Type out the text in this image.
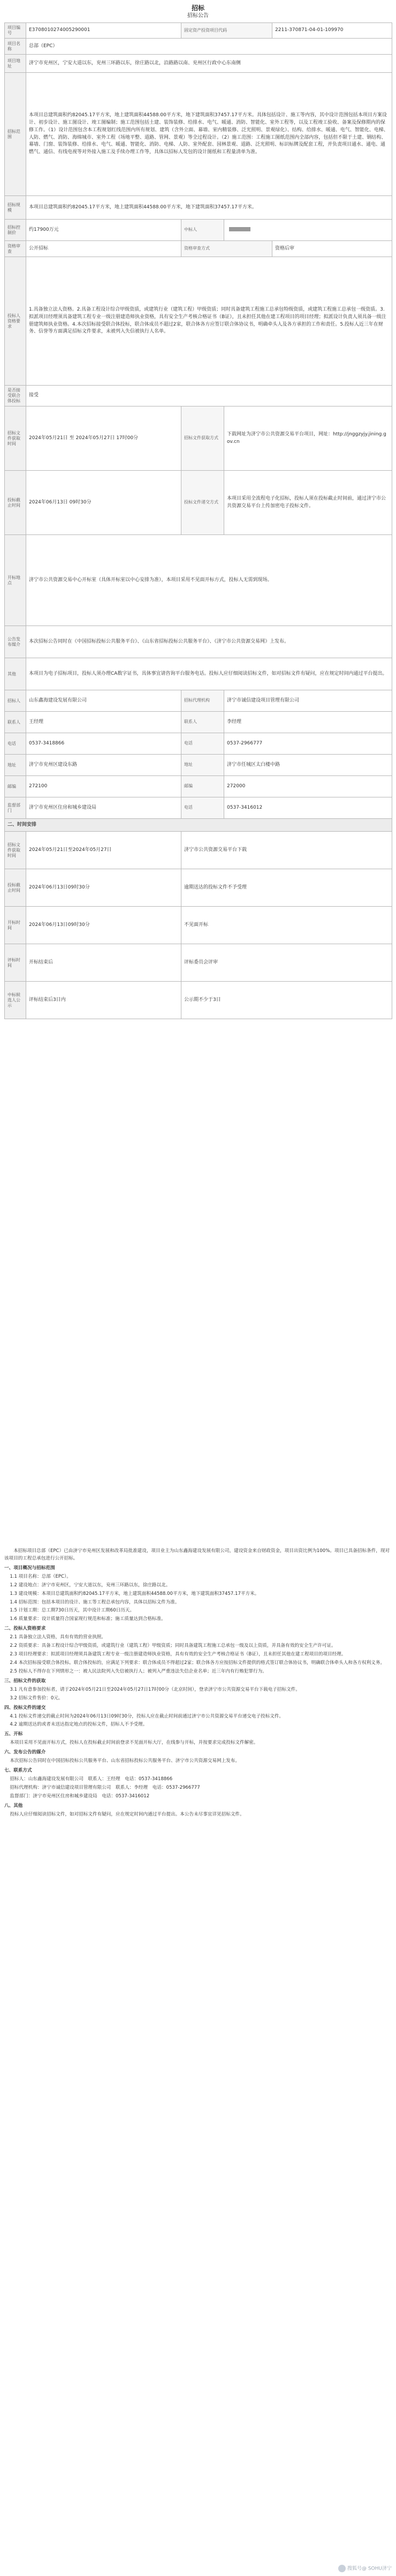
招标
招标公告
项目编号	E3708010274005290001	固定资产投资项目代码		2211-370871-04-01-109970
项目名称	总部（EPC）			
项目地址	济宁市兖州区，宁安大道以东，兖州三环路以东，徐庄路以北，沿路路以南、兖州区行政中心东南侧			
招标范围	本项目总建筑面积约82045.17平方米，地上建筑面积44588.00平方米，地下建筑面积37457.17平方米。具体包括设计、施工等内容，其中设计范围包括本项目方案设计、初步设计、施工图设计、竣工图编制；施工范围包括土建、装饰装修、给排水、电气、暖通、消防、智能化、室外工程等，以及工程竣工验收、备案及保修期内的保修工作。（1）设计范围包含本工程规划红线范围内所有规划、建筑（含外立面、幕墙、室内精装修、泛光照明、景观绿化）、结构、给排水、暖通、电气、智能化、电梯、人防、燃气、消防、海绵城市、室外工程（场地平整、道路、管网、景观）等全过程设计。（2）施工范围：工程施工图纸范围内全部内容，包括但不限于土建、钢结构、幕墙、门窗、装饰装修、给排水、电气、暖通、智能化、消防、电梯、人防、室外配套、园林景观、道路、泛光照明、标识标牌及配套工程，并负责项目通水、通电、通燃气、通信、有线电视等对外接入施工及手续办理工作等，具体以招标人发包的设计图纸和工程量清单为准。			
招标规模	本项目总建筑面积约82045.17平方米，地上建筑面积44588.00平方米，地下建筑面积37457.17平方米。			
招标控制价	约17900万元	中标人		
资格审查	公开招标	资格审查方式		资格后审
投标人资格要求	1.具备独立法人资格。2.具备工程设计综合甲级资质，或建筑行业（建筑工程）甲级资质；同时具备建筑工程施工总承包特级资质，或建筑工程施工总承包一级资质。3.拟派项目经理须具备建筑工程专业一级注册建造师执业资格，具有安全生产考核合格证书（B证），且未担任其他在建工程项目的项目经理；拟派设计负责人须具备一级注册建筑师执业资格。4.本次招标接受联合体投标，联合体成员不超过2家，联合体各方应签订联合体协议书，明确牵头人及各方承担的工作和责任。5.投标人近三年在财务、信誉等方面满足招标文件要求，未被列入失信被执行人名单。			
是否接受联合体投标	接受			
招标文件获取时间	2024年05月21日 至 2024年05月27日 17时00分	招标文件获取方式	下载网址为济宁市公共资源交易平台项目，网址：http://jnggzyjy.jining.gov.cn	
投标截止时间	2024年06月13日 09时30分	投标文件递交方式	本项目采用全流程电子化招标，投标人须在投标截止时间前，通过济宁市公共资源交易平台上传加密电子投标文件。	
开标地点	济宁市公共资源交易中心开标室（具体开标室以中心安排为准），本项目采用不见面开标方式，投标人无需到现场。			
公告发布媒介	本次招标公告同时在《中国招标投标公共服务平台》、《山东省招标投标公共服务平台》、《济宁市公共资源交易网》上发布。			
其他	本项目为电子招标项目，投标人须办理CA数字证书，具体事宜请咨询平台服务电话。投标人应仔细阅读招标文件，如对招标文件有疑问，应在规定时间内通过平台提出。			
招标人	山东鑫海建设发展有限公司	招标代理机构	济宁市诚信建设项目管理有限公司	
联系人	王经理	联系人	李经理	
电话	0537-3418866	电话	0537-2966777	
地址	济宁市兖州区建设东路	地址	济宁市任城区太白楼中路	
邮编	272100	邮编	272000	
监督部门	济宁市兖州区住房和城乡建设局	电话	0537-3416012	
二、时间安排				
招标文件获取时间	2024年05月21日至2024年05月27日	济宁市公共资源交易平台下载		
投标截止时间	2024年06月13日09时30分	逾期送达的投标文件不予受理		
开标时间	2024年06月13日09时30分	不见面开标		
评标时间	开标结束后	评标委员会评审		
中标候选人公示	评标结束后3日内	公示期不少于3日		

本招标项目总部（EPC）已由济宁市兖州区发展和改革局批准建设，项目业主为山东鑫海建设发展有限公司，建设资金来自财政资金，项目出资比例为100%。项目已具备招标条件，现对该项目的工程总承包进行公开招标。

一、项目概况与招标范围

1.1 项目名称：总部（EPC）。

1.2 建设地点：济宁市兖州区，宁安大道以东，兖州三环路以东，徐庄路以北。

1.3 建设规模：本项目总建筑面积约82045.17平方米，地上建筑面积44588.00平方米，地下建筑面积37457.17平方米。

1.4 招标范围：包括本项目的设计、施工等工程总承包内容，具体以招标文件为准。

1.5 计划工期：总工期730日历天，其中设计工期60日历天。

1.6 质量要求：设计质量符合国家现行规范和标准；施工质量达到合格标准。

二、投标人资格要求

2.1 具备独立法人资格，具有有效的营业执照。

2.2 资质要求：具备工程设计综合甲级资质，或建筑行业（建筑工程）甲级资质；同时具备建筑工程施工总承包一级及以上资质，并具备有效的安全生产许可证。

2.3 项目经理要求：拟派项目经理须具备建筑工程专业一级注册建造师执业资格，具有有效的安全生产考核合格证书（B证），且未担任其他在建工程项目的项目经理。

2.4 本次招标接受联合体投标。联合体投标的，应满足下列要求：联合体成员不得超过2家；联合体各方应按招标文件提供的格式签订联合体协议书，明确联合体牵头人和各方权利义务。

2.5 投标人不得存在下列情形之一：被人民法院列入失信被执行人；被列入严重违法失信企业名单；近三年内有行贿犯罪行为。

三、招标文件的获取

3.1 凡有意参加投标者，请于2024年05月21日至2024年05月27日17时00分（北京时间），登录济宁市公共资源交易平台下载电子招标文件。

3.2 招标文件售价：0元。

四、投标文件的递交

4.1 投标文件递交的截止时间为2024年06月13日09时30分，投标人应在截止时间前通过济宁市公共资源交易平台递交电子投标文件。

4.2 逾期送达的或者未送达指定地点的投标文件，招标人不予受理。

五、开标

本项目采用不见面开标方式，投标人在投标截止时间前登录不见面开标大厅，在线参与开标，并按要求完成投标文件解密。

六、发布公告的媒介

本次招标公告同时在中国招标投标公共服务平台、山东省招标投标公共服务平台、济宁市公共资源交易网上发布。

七、联系方式

招标人：山东鑫海建设发展有限公司　联系人：王经理　电话：0537-3418866

招标代理机构：济宁市诚信建设项目管理有限公司　联系人：李经理　电话：0537-2966777

监督部门：济宁市兖州区住房和城乡建设局　电话：0537-3416012

八、其他

投标人应仔细阅读招标文件，如对招标文件有疑问，应在规定时间内通过平台提出。本公告未尽事宜详见招标文件。

搜狐号@ SOHU济宁
